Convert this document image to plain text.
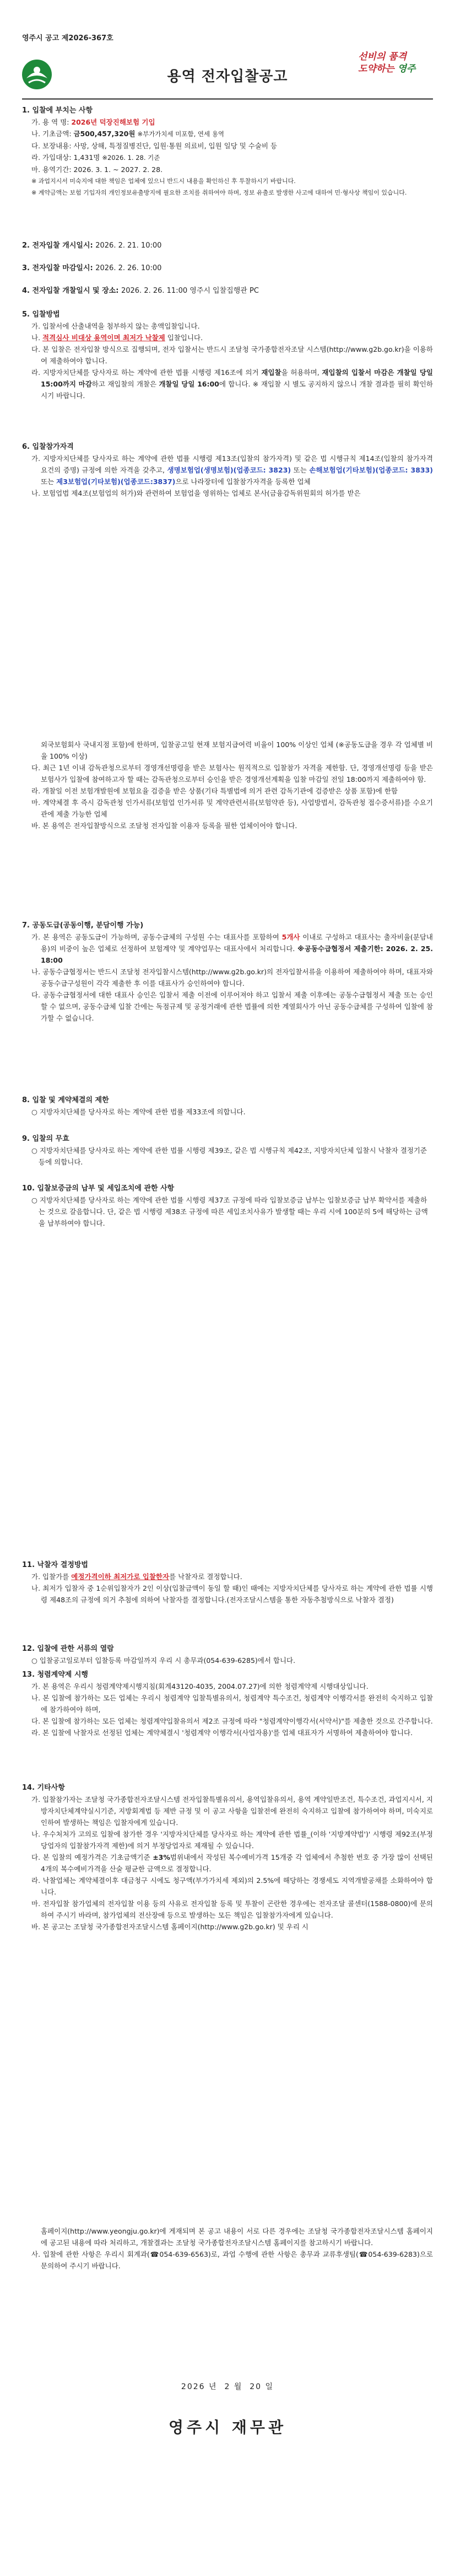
영주시 공고 제2026-367호
용역 전자입찰공고
선비의 품격
도약하는 영주
1. 입찰에 부치는 사항
가. 용 역 명: 2026년 덕장진해보험 기입
나. 기초금액: 금500,457,320원 ※부가가치세 미포함, 연세 용역
다. 보장내용: 사망, 상해, 특정질병진단, 입원·통원 의료비, 입원 일당 및 수술비 등
라. 가입대상: 1,431명 ※2026. 1. 28. 기준
마. 용역기간: 2026. 3. 1. ~ 2027. 2. 28.
※ 과업지시서 미숙지에 대한 책임은 업체에 있으니 반드시 내용을 확인하신 후 투찰하시기 바랍니다.
※ 계약금액는 보험 기입자의 개인정보유출방지에 필요한 조치를 취하여야 하며, 정보 유출로 발생한 사고에 대하여 민·형사상 책임이 있습니다.
2. 전자입찰 개시일시: 2026. 2. 21. 10:00
3. 전자입찰 마감일시: 2026. 2. 26. 10:00
4. 전자입찰 개찰일시 및 장소: 2026. 2. 26. 11:00 영주시 입찰집행관 PC
5. 입찰방법
가. 입찰서에 산출내역을 첨부하지 않는 총액입찰입니다.
나. 적격심사 비대상 용역이며 최저가 낙찰제 입찰입니다.
다. 본 입찰은 전자입찰 방식으로 집행되며, 전자 입찰서는 반드시 조달청 국가종합전자조달 시스템(http://www.g2b.go.kr)을 이용하여 제출하여야 합니다.
라. 지방자치단체를 당사자로 하는 계약에 관한 법률 시행령 제16조에 의거 재입찰을 허용하며, 재입찰의 입찰서 마감은 개찰일 당일 15:00까지 마감하고 재입찰의 개찰은 개찰일 당일 16:00에 합니다. ※ 재입찰 시 별도 공지하지 않으니 개찰 결과를 필히 확인하시기 바랍니다.
6. 입찰참가자격
가. 지방자치단체를 당사자로 하는 계약에 관한 법률 시행령 제13조(입찰의 참가자격) 및 같은 법 시행규칙 제14조(입찰의 참가자격 요건의 증명) 규정에 의한 자격을 갖추고, 생명보험업(생명보험)(업종코드: 3823) 또는 손해보험업(기타보험)(업종코드: 3833) 또는 제3보험업(기타보험)(업종코드:3837)으로 나라장터에 입찰참가자격을 등록한 업체
나. 보험업법 제4조(보험업의 허가)와 관련하여 보험업을 영위하는 업체로 본사(금융감독위원회의 허가를 받은
외국보험회사 국내지점 포함)에 한하며, 입찰공고일 현재 보험지급여력 비율이 100% 이상인 업체 (※공동도급을 경우 각 업체별 비율 100% 이상)
다. 최근 1년 이내 감독관청으로부터 경영개선명령을 받은 보험사는 원직적으로 입찰참가 자격을 제한함. 단, 경영개선명령 등을 받은 보험사가 입찰에 참여하고자 할 때는 감독관청으로부터 승인을 받은 경영개선계획을 입찰 마감일 전일 18:00까지 제출하여야 함.
라. 개찰일 이전 보험개발원에 보험요율 검증을 받은 상품(기타 특별법에 의거 관련 감독기관에 검증받은 상품 포함)에 한함
마. 계약체결 후 즉시 감독관청 인가서류(보험업 인가서류 및 계약관련서류(보험약관 등), 사업방법서, 감독관청 접수증서류)를 수요기관에 제출 가능한 업체
바. 본 용역은 전자입찰방식으로 조달청 전자입찰 이용자 등록을 필한 업체이어야 합니다.
7. 공동도급(공동이행, 분담이행 가능)
가. 본 용역은 공동도급이 가능하며, 공동수급체의 구성원 수는 대표사를 포함하여 5개사 이내로 구성하고 대표사는 출자비율(분담내용)의 비중이 높은 업체로 선정하여 보험계약 및 계약업무는 대표사에서 처리합니다. ※공동수급협정서 제출기한: 2026. 2. 25. 18:00
나. 공동수급협정서는 반드시 조달청 전자입찰시스템(http://www.g2b.go.kr)의 전자입찰서류을 이용하여 제출하여야 하며, 대표자와 공동수급구성원이 각각 제출한 후 이를 대표사가 승인하여야 합니다.
다. 공동수급협정서에 대한 대표사 승인은 입찰서 제출 이전에 이루어져야 하고 입찰서 제출 이후에는 공동수급협정서 제출 또는 승인할 수 없으며, 공동수급체 입찰 간에는 독점규제 및 공정거래에 관한 법률에 의한 계열회사가 아닌 공동수급체를 구성하여 입찰에 참가할 수 없습니다.
8. 입찰 및 계약체결의 제한
○ 지방자치단체를 당사자로 하는 계약에 관한 법률 제33조에 의합니다.
9. 입찰의 무효
○ 지방자치단체를 당사자로 하는 계약에 관한 법률 시행령 제39조, 같은 법 시행규칙 제42조, 지방자치단체 입찰시 낙찰자 결정기준 등에 의합니다.
10. 입찰보증금의 납부 및 세입조치에 관한 사항
○ 지방자치단체를 당사자로 하는 계약에 관한 법률 시행령 제37조 규정에 따라 입찰보증금 납부는 입찰보증금 납부 확약서를 제출하는 것으로 갈음합니다. 단, 같은 법 시행령 제38조 규정에 따른 세입조치사유가 발생할 때는 우리 시에 100분의 5에 해당하는 금액을 납부하여야 합니다.
11. 낙찰자 결정방법
가. 입찰가를 예정가격이하 최저가로 입찰한자를 낙찰자로 결정합니다.
나. 최저가 입찰자 중 1순위입찰자가 2인 이상(입찰금액이 동일 할 때)인 때에는 지방자치단체를 당사자로 하는 계약에 관한 법률 시행령 제48조의 규정에 의거 추첨에 의하여 낙찰자를 결정합니다.(전자조달시스템을 통한 자동추첨방식으로 낙찰자 결정)
12. 입찰에 관한 서류의 열람
○ 입찰공고일로부터 입찰등록 마감일까지 우리 시 총무과(054-639-6285)에서 합니다.
13. 청렴계약제 시행
가. 본 용역은 우리시 청렴계약제시행지침(회계43120-4035, 2004.07.27)에 의한 청렴계약제 시행대상입니다.
나. 본 입찰에 참가하는 모든 업체는 우리시 청렴계약 입찰특별유의서, 청렴계약 특수조건, 청렴계약 이행각서를 완전히 숙지하고 입찰에 참가하여야 하며,
다. 본 입찰에 참가하는 모든 업체는 청렴계약입찰유의서 제2조 규정에 따라 "청렴계약이행각서(서약서)"를 제출한 것으로 간주합니다.
라. 본 입찰에 낙찰자로 선정된 업체는 계약체결시 '청렴계약 이행각서(사업자용)'를 업체 대표자가 서명하여 제출하여야 합니다.
14. 기타사항
가. 입찰참가자는 조달청 국가종합전자조달시스템 전자입찰특별유의서, 용역입찰유의서, 용역 계약일반조건, 특수조건, 과업지시서, 지방자치단체계약실시기준, 지방회계법 등 제반 규정 및 이 공고 사항을 입찰전에 완전히 숙지하고 입찰에 참가하여야 하며, 미숙지로 인하여 발생하는 책임은 입찰자에게 있습니다.
나. 우수처처가 고의로 입찰에 참가한 경우 '지방자치단체를 당사자로 하는 계약에 관한 법률_(이하 '지방계약법')' 시행령 제92조(부정당업자의 입찰참가자격 제한)에 의거 부정당업자로 제재될 수 있습니다.
다. 본 입찰의 예정가격은 기초금액기준 ±3%범위내에서 작성된 복수예비가격 15개중 각 업체에서 추첨한 번호 중 가장 많이 선택된 4개의 복수예비가격을 산술 평균한 금액으로 결정합니다.
라. 낙찰업체는 계약체결이후 대금청구 시에도 청구액(부가가치세 제외)의 2.5%에 해당하는 경쟁세도 지역개발공채를 소화하여야 합니다.
마. 전자입찰 참가업체의 전자입찰 이용 등의 사유로 전자입찰 등록 및 투찰이 곤란한 경우에는 전자조달 콜센터(1588-0800)에 문의하여 주시기 바라며, 참가업체의 전산장애 등으로 발생하는 모든 책임은 입찰참가자에게 있습니다.
바. 본 공고는 조달청 국가종합전자조달시스템 홈페이지(http://www.g2b.go.kr) 및 우리 시
홈페이지(http://www.yeongju.go.kr)에 게재되며 본 공고 내용이 서로 다른 경우에는 조달청 국가종합전자조달시스템 홈페이지에 공고된 내용에 따라 처리하고, 개찰결과는 조달청 국가종합전자조달시스템 홈페이지를 참고하시기 바랍니다.
사. 입찰에 관한 사항은 우리시 회계과(☎054-639-6563)로, 과업 수행에 관한 사항은 총무과 교류후생팀(☎054-639-6283)으로 문의하여 주시기 바랍니다.
2026 년 2 월 20 일
영주시 재무관
